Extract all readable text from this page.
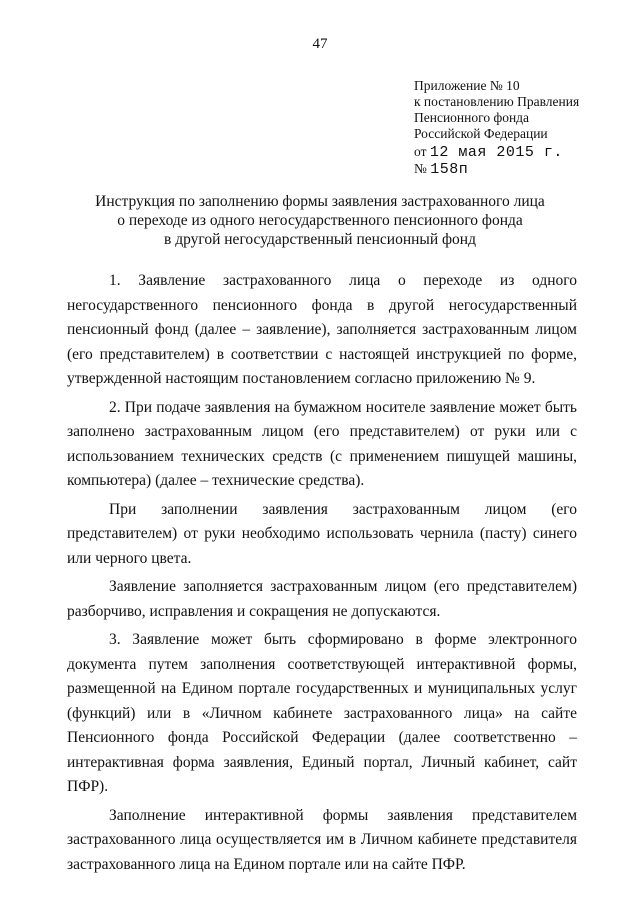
47
Приложение № 10
к постановлению Правления
Пенсионного фонда
Российской Федерации
от 12 мая 2015 г.
№ 158п
Инструкция по заполнению формы заявления застрахованного лица
о переходе из одного негосударственного пенсионного фонда
в другой негосударственный пенсионный фонд

1. Заявление застрахованного лица о переходе из одного негосударственного пенсионного фонда в другой негосударственный пенсионный фонд (далее – заявление), заполняется застрахованным лицом (его представителем) в соответствии с настоящей инструкцией по форме, утвержденной настоящим постановлением согласно приложению № 9.

2. При подаче заявления на бумажном носителе заявление может быть заполнено застрахованным лицом (его представителем) от руки или с использованием технических средств (с применением пишущей машины, компьютера) (далее – технические средства).

При заполнении заявления застрахованным лицом (его представителем) от руки необходимо использовать чернила (пасту) синего или черного цвета.

Заявление заполняется застрахованным лицом (его представителем) разборчиво, исправления и сокращения не допускаются.

3. Заявление может быть сформировано в форме электронного документа путем заполнения соответствующей интерактивной формы, размещенной на Едином портале государственных и муниципальных услуг (функций) или в «Личном кабинете застрахованного лица» на сайте Пенсионного фонда Российской Федерации (далее соответственно – интерактивная форма заявления, Единый портал, Личный кабинет, сайт ПФР).

Заполнение интерактивной формы заявления представителем застрахованного лица осуществляется им в Личном кабинете представителя застрахованного лица на Едином портале или на сайте ПФР.
